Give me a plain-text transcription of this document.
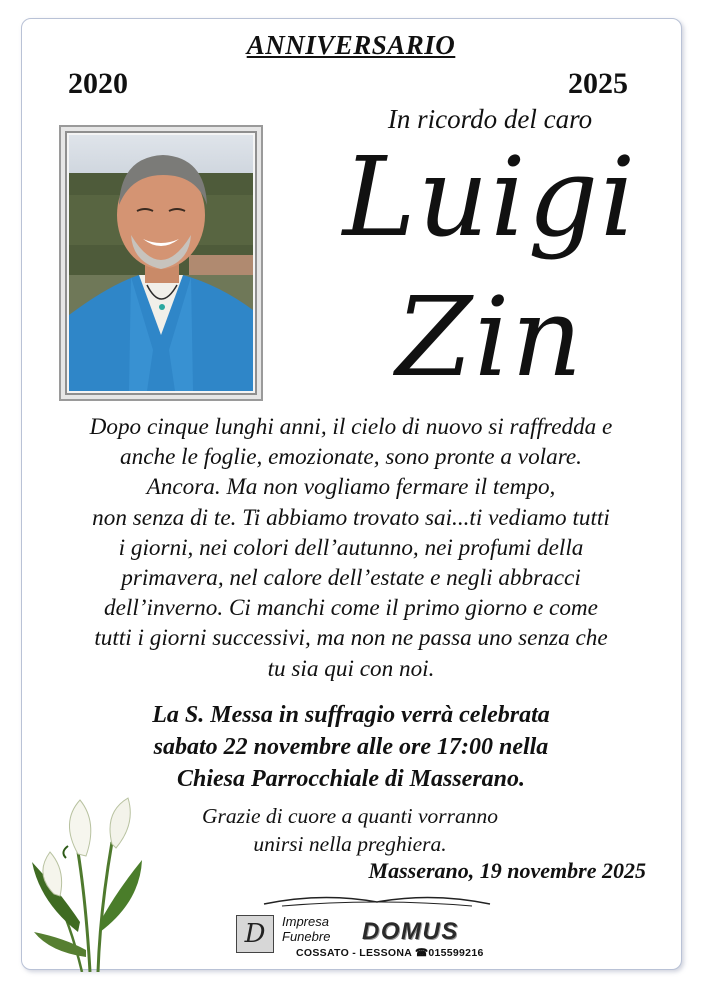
ANNIVERSARIO
2020	2025
In ricordo del caro
Luigi
Zin
Dopo cinque lunghi anni, il cielo di nuovo si raffredda e
anche le foglie, emozionate, sono pronte a volare.
Ancora. Ma non vogliamo fermare il tempo,
non senza di te. Ti abbiamo trovato sai...ti vediamo tutti
i giorni, nei colori dell’autunno, nei profumi della
primavera, nel calore dell’estate e negli abbracci
dell’inverno. Ci manchi come il primo giorno e come
tutti i giorni successivi, ma non ne passa uno senza che
tu sia qui con noi.
La S. Messa in suffragio verrà celebrata
sabato 22 novembre alle ore 17:00 nella
Chiesa Parrocchiale di Masserano.
Grazie di cuore a quanti vorranno
unirsi nella preghiera.
Masserano, 19 novembre 2025
D	Impresa
Funebre DOMUS
COSSATO - LESSONA ☎015599216
